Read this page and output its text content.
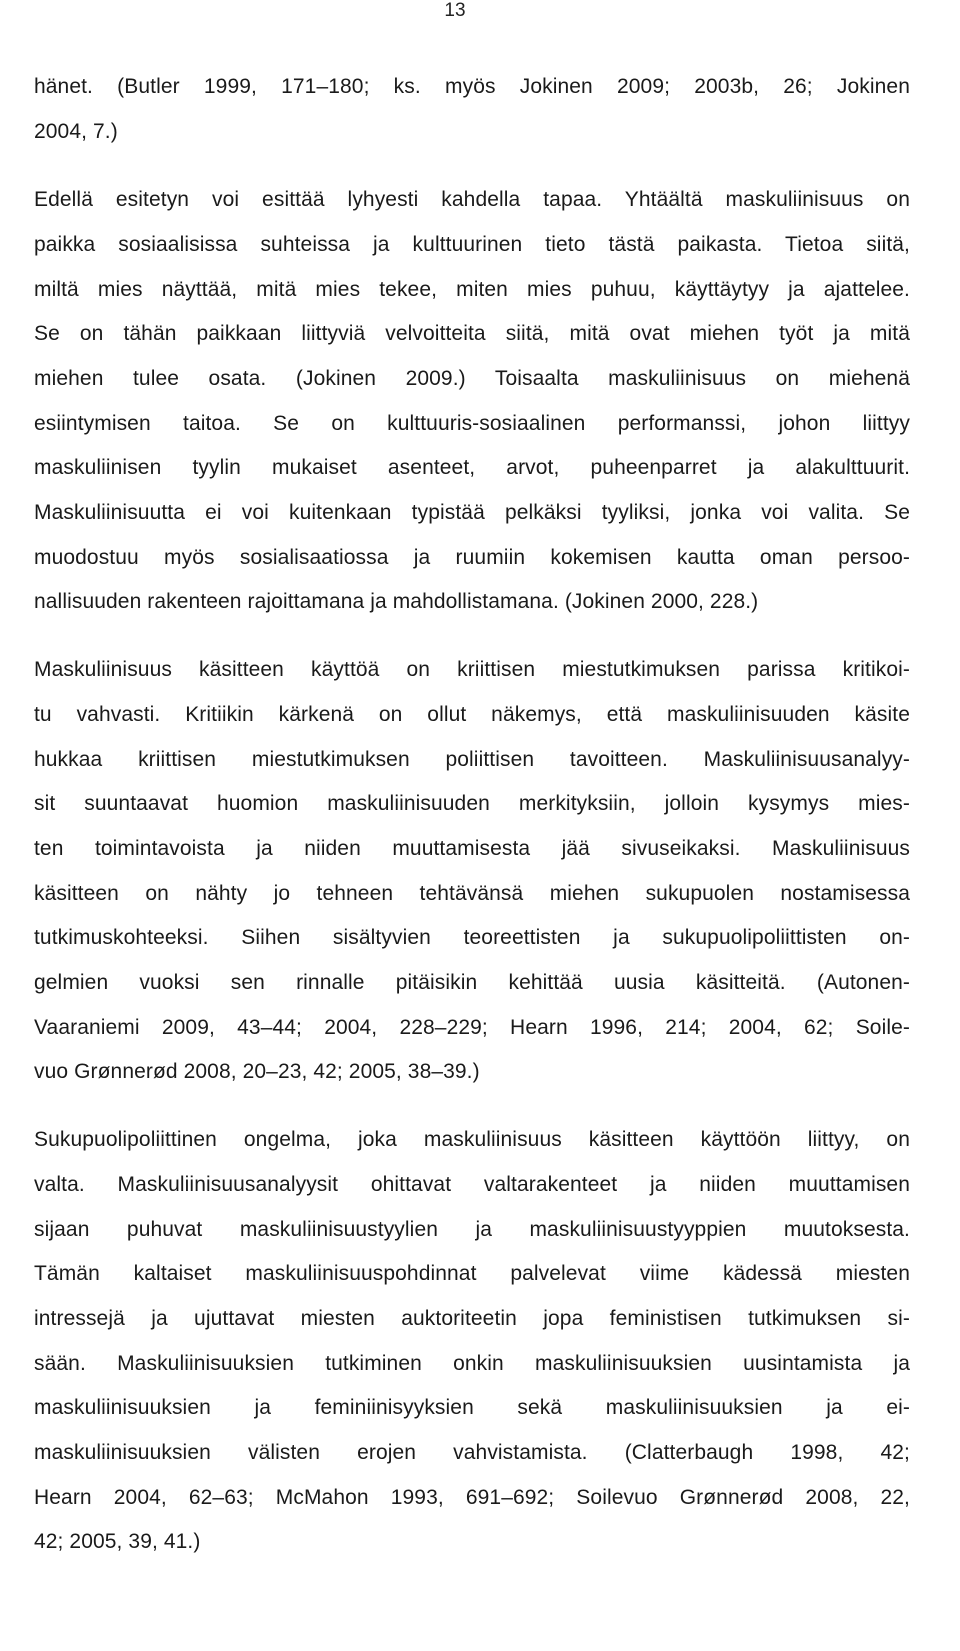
13
hänet. (Butler 1999, 171–180; ks. myös Jokinen 2009; 2003b, 26; Jokinen
2004, 7.)
Edellä esitetyn voi esittää lyhyesti kahdella tapaa. Yhtäältä maskuliinisuus on
paikka sosiaalisissa suhteissa ja kulttuurinen tieto tästä paikasta. Tietoa siitä,
miltä mies näyttää, mitä mies tekee, miten mies puhuu, käyttäytyy ja ajattelee.
Se on tähän paikkaan liittyviä velvoitteita siitä, mitä ovat miehen työt ja mitä
miehen tulee osata. (Jokinen 2009.) Toisaalta maskuliinisuus on miehenä
esiintymisen taitoa. Se on kulttuuris-sosiaalinen performanssi, johon liittyy
maskuliinisen tyylin mukaiset asenteet, arvot, puheenparret ja alakulttuurit.
Maskuliinisuutta ei voi kuitenkaan typistää pelkäksi tyyliksi, jonka voi valita. Se
muodostuu myös sosialisaatiossa ja ruumiin kokemisen kautta oman persoo-
nallisuuden rakenteen rajoittamana ja mahdollistamana. (Jokinen 2000, 228.)
Maskuliinisuus käsitteen käyttöä on kriittisen miestutkimuksen parissa kritikoi-
tu vahvasti. Kritiikin kärkenä on ollut näkemys, että maskuliinisuuden käsite
hukkaa kriittisen miestutkimuksen poliittisen tavoitteen. Maskuliinisuusanalyy-
sit suuntaavat huomion maskuliinisuuden merkityksiin, jolloin kysymys mies-
ten toimintavoista ja niiden muuttamisesta jää sivuseikaksi. Maskuliinisuus
käsitteen on nähty jo tehneen tehtävänsä miehen sukupuolen nostamisessa
tutkimuskohteeksi. Siihen sisältyvien teoreettisten ja sukupuolipoliittisten on-
gelmien vuoksi sen rinnalle pitäisikin kehittää uusia käsitteitä. (Autonen-
Vaaraniemi 2009, 43–44; 2004, 228–229; Hearn 1996, 214; 2004, 62; Soile-
vuo Grønnerød 2008, 20–23, 42; 2005, 38–39.)
Sukupuolipoliittinen ongelma, joka maskuliinisuus käsitteen käyttöön liittyy, on
valta. Maskuliinisuusanalyysit ohittavat valtarakenteet ja niiden muuttamisen
sijaan puhuvat maskuliinisuustyylien ja maskuliinisuustyyppien muutoksesta.
Tämän kaltaiset maskuliinisuuspohdinnat palvelevat viime kädessä miesten
intressejä ja ujuttavat miesten auktoriteetin jopa feministisen tutkimuksen si-
sään. Maskuliinisuuksien tutkiminen onkin maskuliinisuuksien uusintamista ja
maskuliinisuuksien ja feminiinisyyksien sekä maskuliinisuuksien ja ei-
maskuliinisuuksien välisten erojen vahvistamista. (Clatterbaugh 1998, 42;
Hearn 2004, 62–63; McMahon 1993, 691–692; Soilevuo Grønnerød 2008, 22,
42; 2005, 39, 41.)
